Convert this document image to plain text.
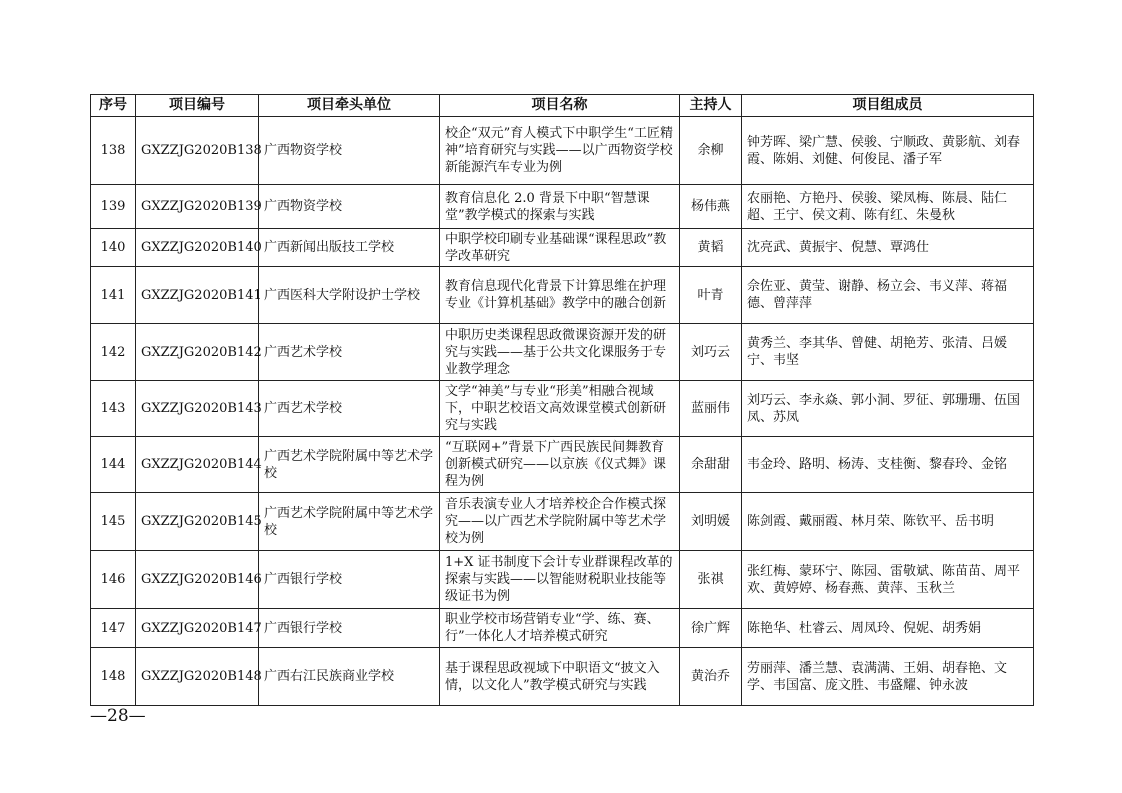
序号	项目编号	项目牵头单位	项目名称	主持人	项目组成员
138	GXZZJG2020B138	广西物资学校	校企“双元”育人模式下中职学生“工匠精神”培育研究与实践——以广西物资学校新能源汽车专业为例	余柳	钟芳晖、梁广慧、侯骏、宁顺政、黄影航、刘春霞、陈娟、刘健、何俊昆、潘子军
139	GXZZJG2020B139	广西物资学校	教育信息化 2.0 背景下中职“智慧课堂”教学模式的探索与实践	杨伟燕	农丽艳、方艳丹、侯骏、梁凤梅、陈晨、陆仁超、王宁、侯文莉、陈有红、朱曼秋
140	GXZZJG2020B140	广西新闻出版技工学校	中职学校印刷专业基础课“课程思政”教学改革研究	黄韬	沈亮武、黄振宇、倪慧、覃鸿仕
141	GXZZJG2020B141	广西医科大学附设护士学校	教育信息现代化背景下计算思维在护理专业《计算机基础》教学中的融合创新	叶青	佘佐亚、黄莹、谢静、杨立会、韦义萍、蒋福德、曾萍萍
142	GXZZJG2020B142	广西艺术学校	中职历史类课程思政微课资源开发的研究与实践——基于公共文化课服务于专业教学理念	刘巧云	黄秀兰、李其华、曾健、胡艳芳、张清、吕媛宁、韦坚
143	GXZZJG2020B143	广西艺术学校	文学“神美”与专业“形美”相融合视域下，中职艺校语文高效课堂模式创新研究与实践	蓝丽伟	刘巧云、李永焱、郭小洞、罗征、郭珊珊、伍国凤、苏凤
144	GXZZJG2020B144	广西艺术学院附属中等艺术学校	“互联网+”背景下广西民族民间舞教育创新模式研究——以京族《仪式舞》课程为例	余甜甜	韦金玲、路明、杨涛、支桂衡、黎春玲、金铭
145	GXZZJG2020B145	广西艺术学院附属中等艺术学校	音乐表演专业人才培养校企合作模式探究——以广西艺术学院附属中等艺术学校为例	刘明媛	陈剑霞、戴丽霞、林月荣、陈钦平、岳书明
146	GXZZJG2020B146	广西银行学校	1+X 证书制度下会计专业群课程改革的探索与实践——以智能财税职业技能等级证书为例	张祺	张红梅、蒙环宁、陈园、雷敬斌、陈苗苗、周平欢、黄婷婷、杨春燕、黄萍、玉秋兰
147	GXZZJG2020B147	广西银行学校	职业学校市场营销专业“学、练、赛、行”一体化人才培养模式研究	徐广辉	陈艳华、杜睿云、周凤玲、倪妮、胡秀娟
148	GXZZJG2020B148	广西右江民族商业学校	基于课程思政视域下中职语文“披文入情，以文化人”教学模式研究与实践	黄治乔	劳丽萍、潘兰慧、袁满满、王娟、胡春艳、文学、韦国富、庞文胜、韦盛耀、钟永波
—28—
